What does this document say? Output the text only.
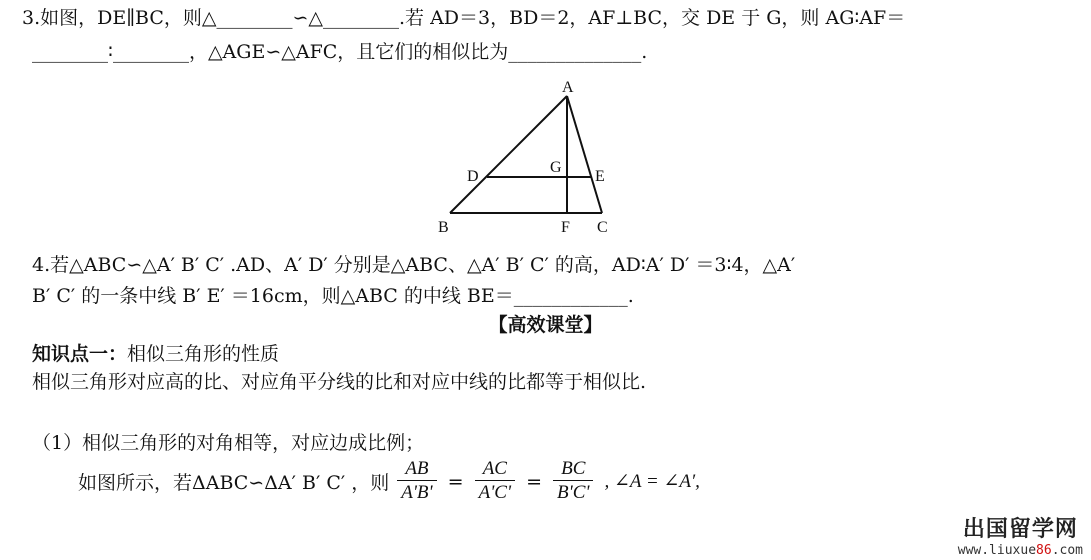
3.如图，DE∥BC，则△________∽△________.若 AD＝3，BD＝2，AF⊥BC，交 DE 于 G，则 AG∶AF＝
________∶________，△AGE∽△AFC，且它们的相似比为______________.
A
B	C
D	E
F
G
4.若△ABC∽△A′ B′ C′ .AD、A′ D′ 分别是△ABC、△A′ B′ C′ 的高，AD∶A′ D′ ＝3∶4，△A′
B′ C′ 的一条中线 B′ E′ ＝16cm，则△ABC 的中线 BE＝____________.
【高效课堂】
知识点一：相似三角形的性质
相似三角形对应高的比、对应角平分线的比和对应中线的比都等于相似比.
（1）相似三角形的对角相等，对应边成比例；
如图所示，若ΔABC∽ΔA′ B′ C′ ，则 $\frac{AB}{A'B'} = \frac{AC}{A'C'} = \frac{BC}{B'C'}$ , ∠A = ∠A′,
出国留学网
www.liuxue86.com
